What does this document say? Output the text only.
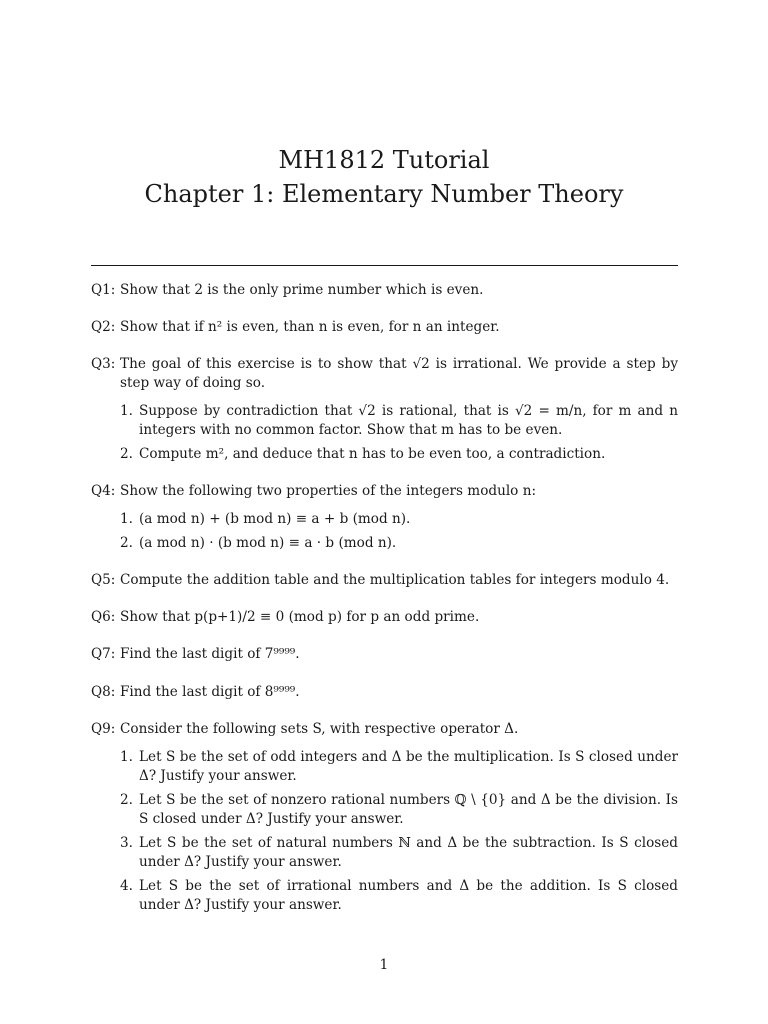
MH1812 Tutorial
Chapter 1: Elementary Number Theory
Q1: Show that 2 is the only prime number which is even.
Q2: Show that if n² is even, than n is even, for n an integer.
Q3: The goal of this exercise is to show that √2 is irrational. We provide a step by step way of doing so.
1. Suppose by contradiction that √2 is rational, that is √2 = m/n, for m and n integers with no common factor. Show that m has to be even.
2. Compute m², and deduce that n has to be even too, a contradiction.
Q4: Show the following two properties of the integers modulo n:
1. (a mod n) + (b mod n) ≡ a + b (mod n).
2. (a mod n) · (b mod n) ≡ a · b (mod n).
Q5: Compute the addition table and the multiplication tables for integers modulo 4.
Q6: Show that p(p+1)/2 ≡ 0 (mod p) for p an odd prime.
Q7: Find the last digit of 7⁹⁹⁹⁹.
Q8: Find the last digit of 8⁹⁹⁹⁹.
Q9: Consider the following sets S, with respective operator Δ.
1. Let S be the set of odd integers and Δ be the multiplication. Is S closed under Δ? Justify your answer.
2. Let S be the set of nonzero rational numbers ℚ \ {0} and Δ be the division. Is S closed under Δ? Justify your answer.
3. Let S be the set of natural numbers ℕ and Δ be the subtraction. Is S closed under Δ? Justify your answer.
4. Let S be the set of irrational numbers and Δ be the addition. Is S closed under Δ? Justify your answer.
1
